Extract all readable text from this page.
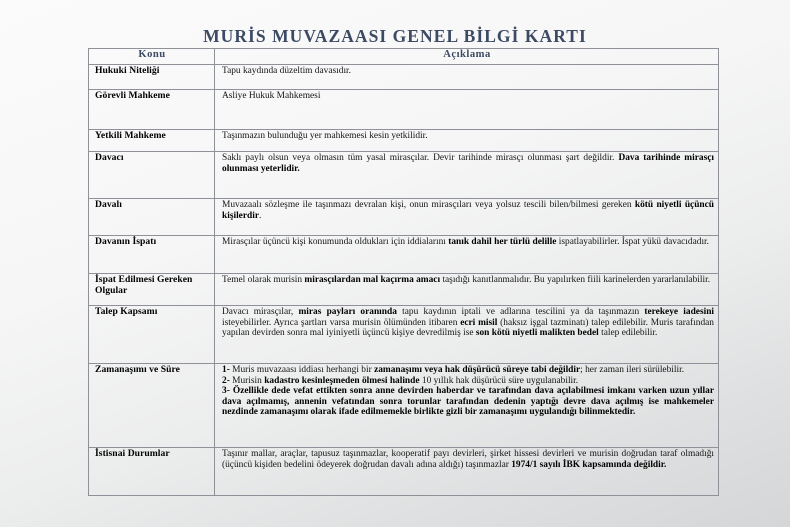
MURİS MUVAZAASI GENEL BİLGİ KARTI
Konu	Açıklama
Hukuki Niteliği	Tapu kaydında düzeltim davasıdır.
Görevli Mahkeme	Asliye Hukuk Mahkemesi
Yetkili Mahkeme	Taşınmazın bulunduğu yer mahkemesi kesin yetkilidir.
Davacı	Saklı paylı olsun veya olmasın tüm yasal mirasçılar. Devir tarihinde mirasçı olunması şart değildir. Dava tarihinde mirasçı olunması yeterlidir.
Davalı	Muvazaalı sözleşme ile taşınmazı devralan kişi, onun mirasçıları veya yolsuz tescili bilen/bilmesi gereken kötü niyetli üçüncü kişilerdir.
Davanın İspatı	Mirasçılar üçüncü kişi konumunda oldukları için iddialarını tanık dahil her türlü delille ispatlayabilirler. İspat yükü davacıdadır.
İspat Edilmesi Gereken Olgular	Temel olarak murisin mirasçılardan mal kaçırma amacı taşıdığı kanıtlanmalıdır. Bu yapılırken fiili karinelerden yararlanılabilir.
Talep Kapsamı	Davacı mirasçılar, miras payları oranında tapu kaydının iptali ve adlarına tescilini ya da taşınmazın terekeye iadesini isteyebilirler. Ayrıca şartları varsa murisin ölümünden itibaren ecri misil (haksız işgal tazminatı) talep edilebilir. Muris tarafından yapılan devirden sonra mal iyiniyetli üçüncü kişiye devredilmiş ise son kötü niyetli malikten bedel talep edilebilir.
Zamanaşımı ve Süre	1- Muris muvazaası iddiası herhangi bir zamanaşımı veya hak düşürücü süreye tabi değildir; her zaman ileri sürülebilir.

2- Murisin kadastro kesinleşmeden ölmesi halinde 10 yıllık hak düşürücü süre uygulanabilir.

3- Özellikle dede vefat ettikten sonra anne devirden haberdar ve tarafından dava açılabilmesi imkanı varken uzun yıllar dava açılmamış, annenin vefatından sonra torunlar tarafından dedenin yaptığı devre dava açılmış ise mahkemeler nezdinde zamanaşımı olarak ifade edilmemekle birlikte gizli bir zamanaşımı uygulandığı bilinmektedir.

İstisnai Durumlar	Taşınır mallar, araçlar, tapusuz taşınmazlar, kooperatif payı devirleri, şirket hissesi devirleri ve murisin doğrudan taraf olmadığı (üçüncü kişiden bedelini ödeyerek doğrudan davalı adına aldığı) taşınmazlar 1974/1 sayılı İBK kapsamında değildir.
